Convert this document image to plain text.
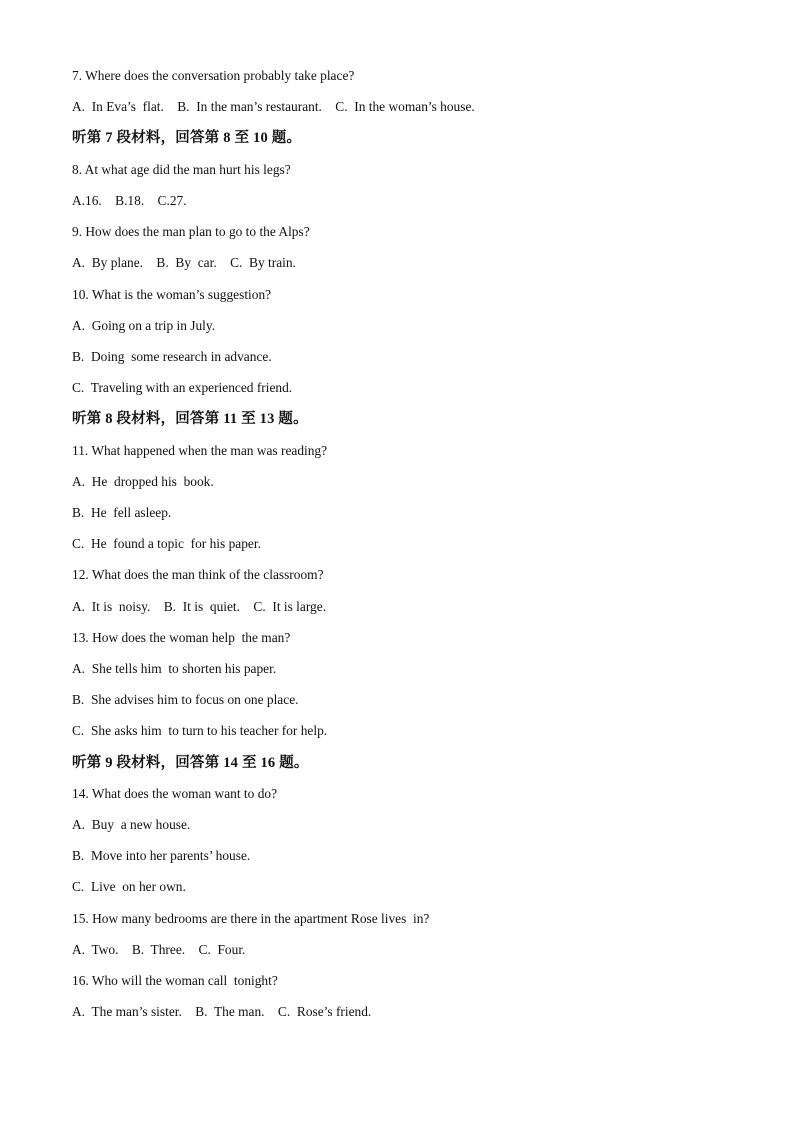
7. Where does the conversation probably take place?
A.  In Eva’s  flat.    B.  In the man’s restaurant.    C.  In the woman’s house.
听第 7 段材料，回答第 8 至 10 题。
8. At what age did the man hurt his legs?
A.16.    B.18.    C.27.
9. How does the man plan to go to the Alps?
A.  By plane.    B.  By  car.    C.  By train.
10. What is the woman’s suggestion?
A.  Going on a trip in July.
B.  Doing  some research in advance.
C.  Traveling with an experienced friend.
听第 8 段材料，回答第 11 至 13 题。
11. What happened when the man was reading?
A.  He  dropped his  book.
B.  He  fell asleep.
C.  He  found a topic  for his paper.
12. What does the man think of the classroom?
A.  It is  noisy.    B.  It is  quiet.    C.  It is large.
13. How does the woman help  the man?
A.  She tells him  to shorten his paper.
B.  She advises him to focus on one place.
C.  She asks him  to turn to his teacher for help.
听第 9 段材料，回答第 14 至 16 题。
14. What does the woman want to do?
A.  Buy  a new house.
B.  Move into her parents’ house.
C.  Live  on her own.
15. How many bedrooms are there in the apartment Rose lives  in?
A.  Two.    B.  Three.    C.  Four.
16. Who will the woman call  tonight?
A.  The man’s sister.    B.  The man.    C.  Rose’s friend.
